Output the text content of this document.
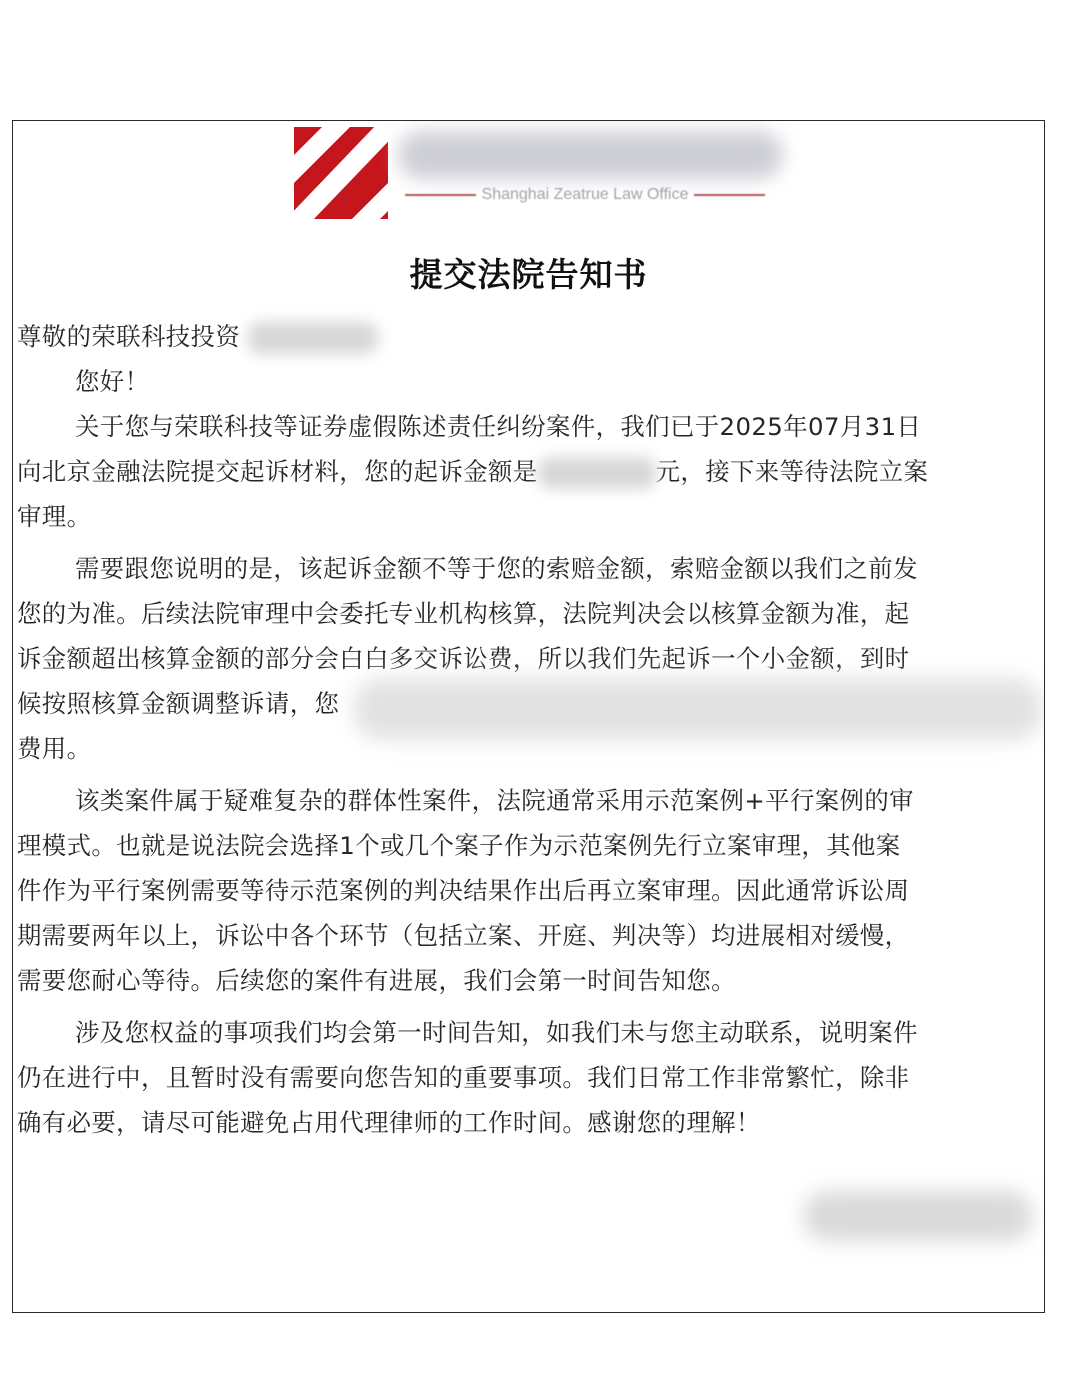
Shanghai Zeatrue Law Office
提交法院告知书
尊敬的荣联科技投资
您好！
关于您与荣联科技等证券虚假陈述责任纠纷案件，我们已于2025年07月31日
向北京金融法院提交起诉材料，您的起诉金额是	元，接下来等待法院立案
审理。
需要跟您说明的是，该起诉金额不等于您的索赔金额，索赔金额以我们之前发
您的为准。后续法院审理中会委托专业机构核算，法院判决会以核算金额为准，起
诉金额超出核算金额的部分会白白多交诉讼费，所以我们先起诉一个小金额，到时
候按照核算金额调整诉请，您
费用。
该类案件属于疑难复杂的群体性案件，法院通常采用示范案例+平行案例的审
理模式。也就是说法院会选择1个或几个案子作为示范案例先行立案审理，其他案
件作为平行案例需要等待示范案例的判决结果作出后再立案审理。因此通常诉讼周
期需要两年以上，诉讼中各个环节（包括立案、开庭、判决等）均进展相对缓慢，
需要您耐心等待。后续您的案件有进展，我们会第一时间告知您。
涉及您权益的事项我们均会第一时间告知，如我们未与您主动联系，说明案件
仍在进行中，且暂时没有需要向您告知的重要事项。我们日常工作非常繁忙，除非
确有必要，请尽可能避免占用代理律师的工作时间。感谢您的理解！
